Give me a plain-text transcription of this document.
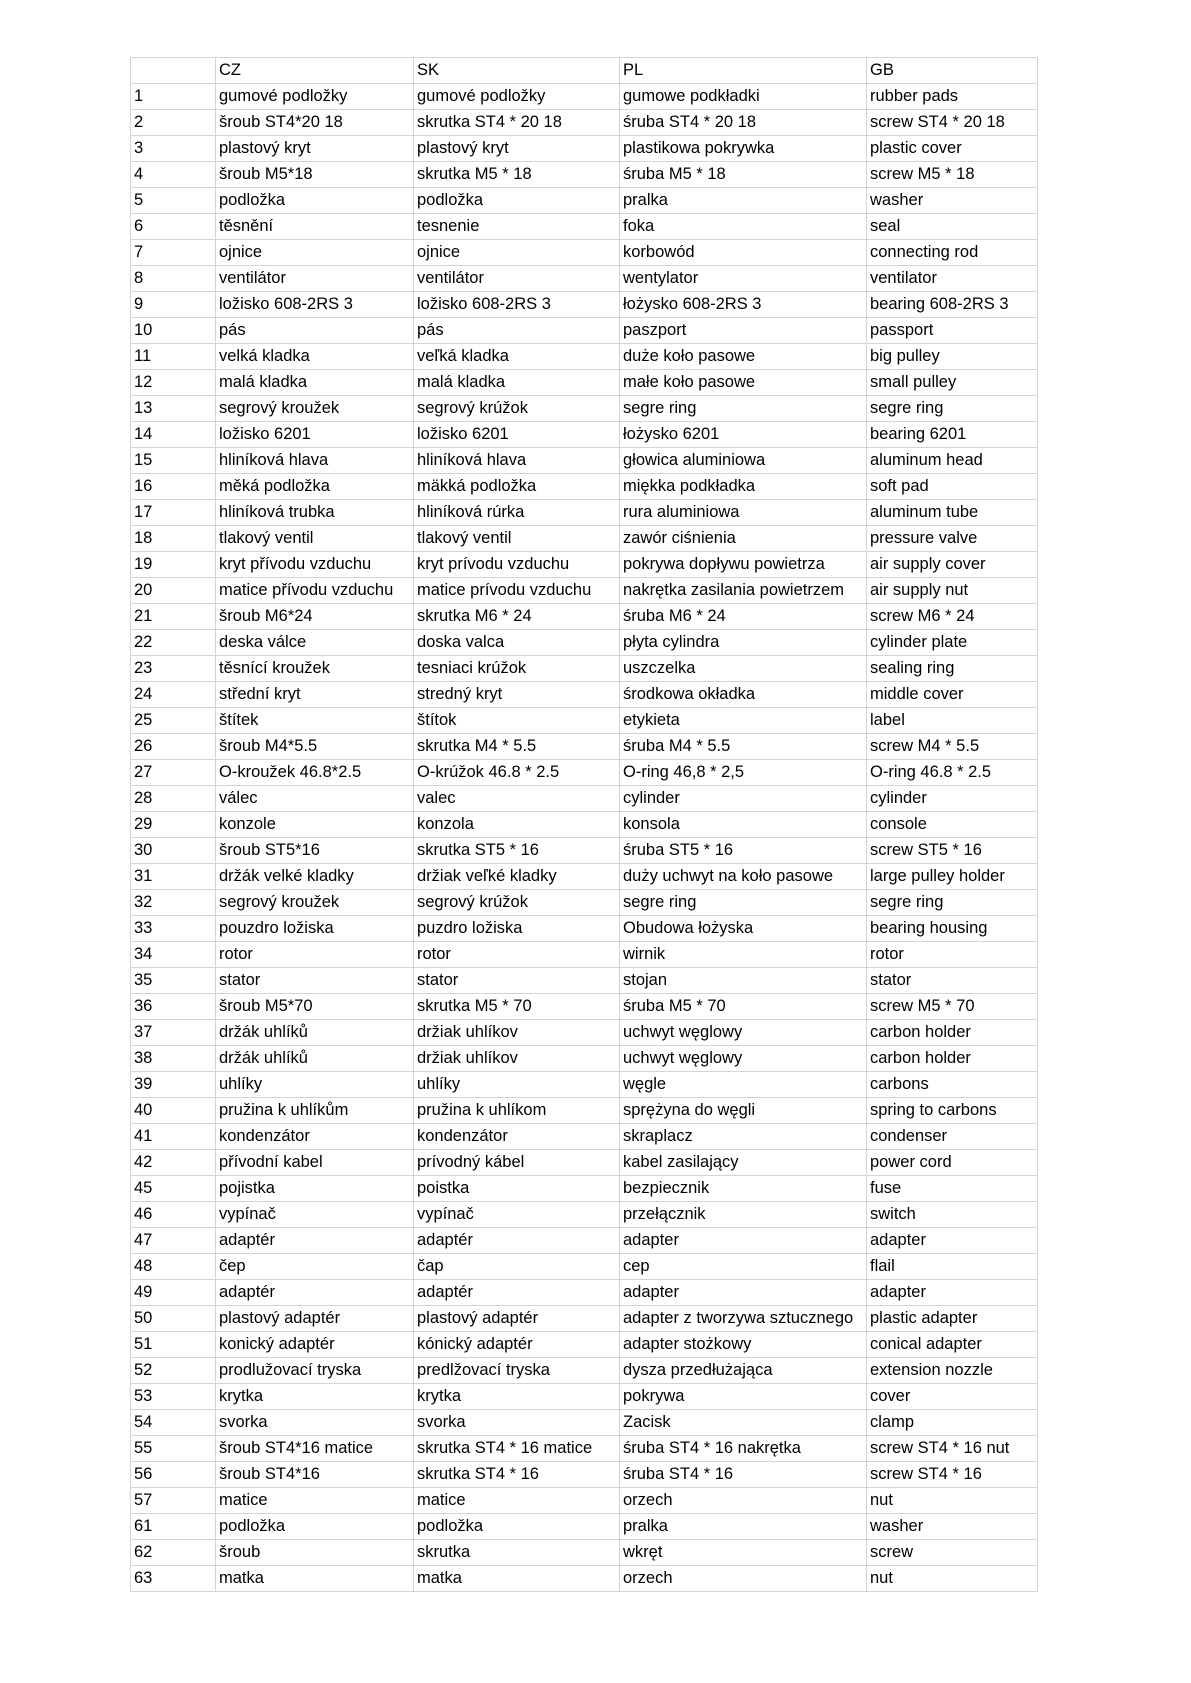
	CZ	SK	PL	GB
1	gumové podložky	gumové podložky	gumowe podkładki	rubber pads
2	šroub ST4*20 18	skrutka ST4 * 20 18	śruba ST4 * 20 18	screw ST4 * 20 18
3	plastový kryt	plastový kryt	plastikowa pokrywka	plastic cover
4	šroub M5*18	skrutka M5 * 18	śruba M5 * 18	screw M5 * 18
5	podložka	podložka	pralka	washer
6	těsnění	tesnenie	foka	seal
7	ojnice	ojnice	korbowód	connecting rod
8	ventilátor	ventilátor	wentylator	ventilator
9	ložisko 608-2RS 3	ložisko 608-2RS 3	łożysko 608-2RS 3	bearing 608-2RS 3
10	pás	pás	paszport	passport
11	velká kladka	veľká kladka	duże koło pasowe	big pulley
12	malá kladka	malá kladka	małe koło pasowe	small pulley
13	segrový kroužek	segrový krúžok	segre ring	segre ring
14	ložisko 6201	ložisko 6201	łożysko 6201	bearing 6201
15	hliníková hlava	hliníková hlava	głowica aluminiowa	aluminum head
16	měká podložka	mäkká podložka	miękka podkładka	soft pad
17	hliníková trubka	hliníková rúrka	rura aluminiowa	aluminum tube
18	tlakový ventil	tlakový ventil	zawór ciśnienia	pressure valve
19	kryt přívodu vzduchu	kryt prívodu vzduchu	pokrywa dopływu powietrza	air supply cover
20	matice přívodu vzduchu	matice prívodu vzduchu	nakrętka zasilania powietrzem	air supply nut
21	šroub M6*24	skrutka M6 * 24	śruba M6 * 24	screw M6 * 24
22	deska válce	doska valca	płyta cylindra	cylinder plate
23	těsnící kroužek	tesniaci krúžok	uszczelka	sealing ring
24	střední kryt	stredný kryt	środkowa okładka	middle cover
25	štítek	štítok	etykieta	label
26	šroub M4*5.5	skrutka M4 * 5.5	śruba M4 * 5.5	screw M4 * 5.5
27	O-kroužek 46.8*2.5	O-krúžok 46.8 * 2.5	O-ring 46,8 * 2,5	O-ring 46.8 * 2.5
28	válec	valec	cylinder	cylinder
29	konzole	konzola	konsola	console
30	šroub ST5*16	skrutka ST5 * 16	śruba ST5 * 16	screw ST5 * 16
31	držák velké kladky	držiak veľké kladky	duży uchwyt na koło pasowe	large pulley holder
32	segrový kroužek	segrový krúžok	segre ring	segre ring
33	pouzdro ložiska	puzdro ložiska	Obudowa łożyska	bearing housing
34	rotor	rotor	wirnik	rotor
35	stator	stator	stojan	stator
36	šroub M5*70	skrutka M5 * 70	śruba M5 * 70	screw M5 * 70
37	držák uhlíků	držiak uhlíkov	uchwyt węglowy	carbon holder
38	držák uhlíků	držiak uhlíkov	uchwyt węglowy	carbon holder
39	uhlíky	uhlíky	węgle	carbons
40	pružina k uhlíkům	pružina k uhlíkom	sprężyna do węgli	spring to carbons
41	kondenzátor	kondenzátor	skraplacz	condenser
42	přívodní kabel	prívodný kábel	kabel zasilający	power cord
45	pojistka	poistka	bezpiecznik	fuse
46	vypínač	vypínač	przełącznik	switch
47	adaptér	adaptér	adapter	adapter
48	čep	čap	cep	flail
49	adaptér	adaptér	adapter	adapter
50	plastový adaptér	plastový adaptér	adapter z tworzywa sztucznego	plastic adapter
51	konický adaptér	kónický adaptér	adapter stożkowy	conical adapter
52	prodlužovací tryska	predlžovací tryska	dysza przedłużająca	extension nozzle
53	krytka	krytka	pokrywa	cover
54	svorka	svorka	Zacisk	clamp
55	šroub ST4*16 matice	skrutka ST4 * 16 matice	śruba ST4 * 16 nakrętka	screw ST4 * 16 nut
56	šroub ST4*16	skrutka ST4 * 16	śruba ST4 * 16	screw ST4 * 16
57	matice	matice	orzech	nut
61	podložka	podložka	pralka	washer
62	šroub	skrutka	wkręt	screw
63	matka	matka	orzech	nut
